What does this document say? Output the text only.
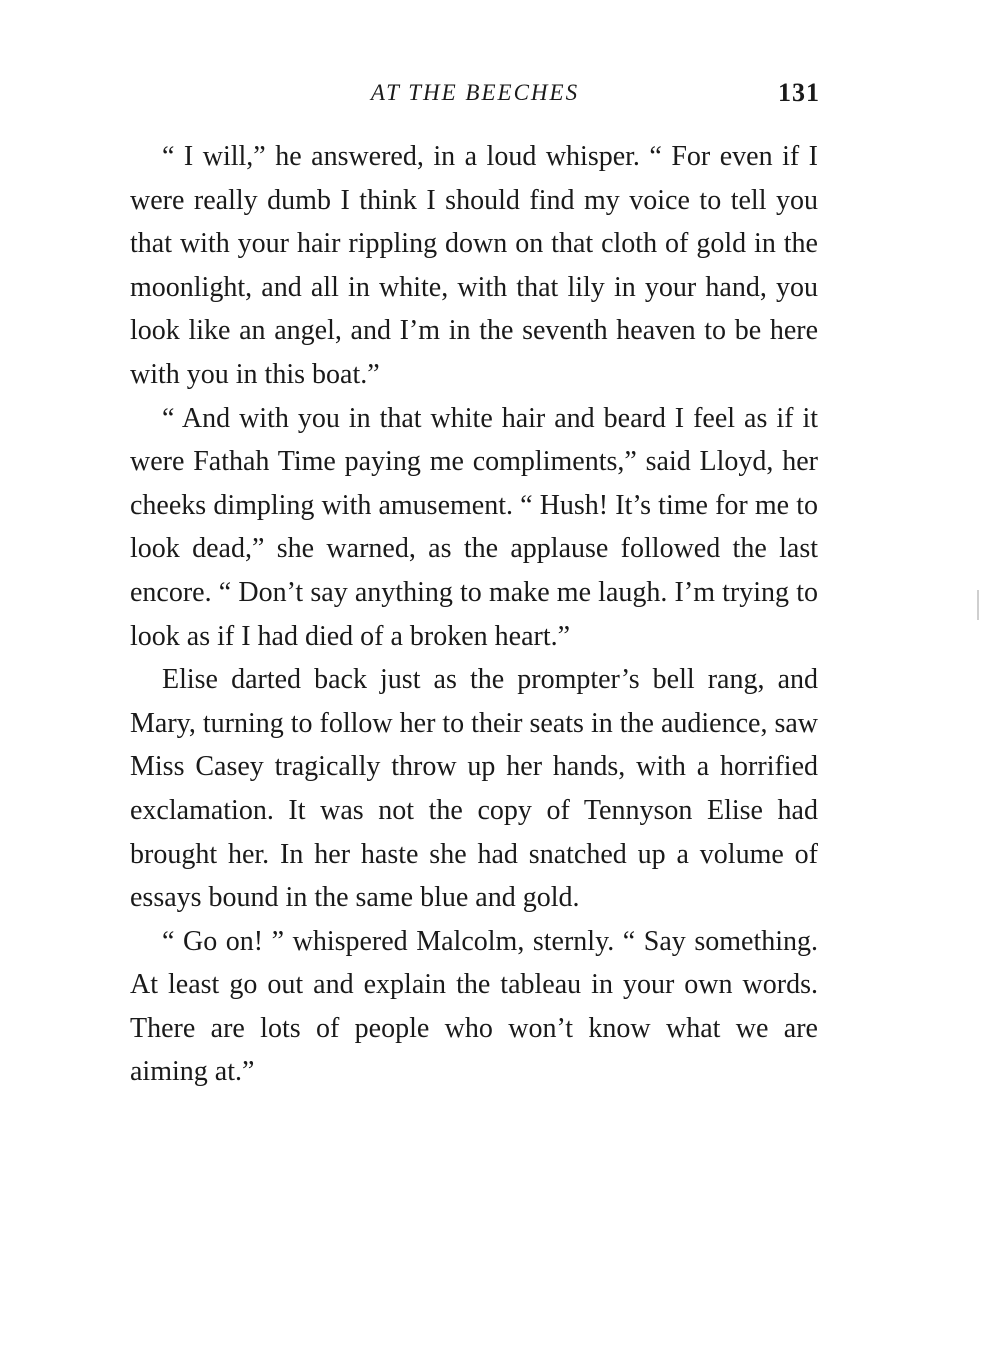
AT THE BEECHES	131

“ I will,” he answered, in a loud whisper. “ For even if I were really dumb I think I should find my voice to tell you that with your hair rippling down on that cloth of gold in the moonlight, and all in white, with that lily in your hand, you look like an angel, and I’m in the seventh heaven to be here with you in this boat.”

“ And with you in that white hair and beard I feel as if it were Fathah Time paying me compliments,” said Lloyd, her cheeks dimpling with amusement. “ Hush! It’s time for me to look dead,” she warned, as the applause followed the last encore. “ Don’t say anything to make me laugh. I’m trying to look as if I had died of a broken heart.”

Elise darted back just as the prompter’s bell rang, and Mary, turning to follow her to their seats in the audience, saw Miss Casey tragically throw up her hands, with a horrified exclamation. It was not the copy of Tennyson Elise had brought her. In her haste she had snatched up a volume of essays bound in the same blue and gold.

“ Go on! ” whispered Malcolm, sternly. “ Say something. At least go out and explain the tableau in your own words. There are lots of people who won’t know what we are aiming at.”
